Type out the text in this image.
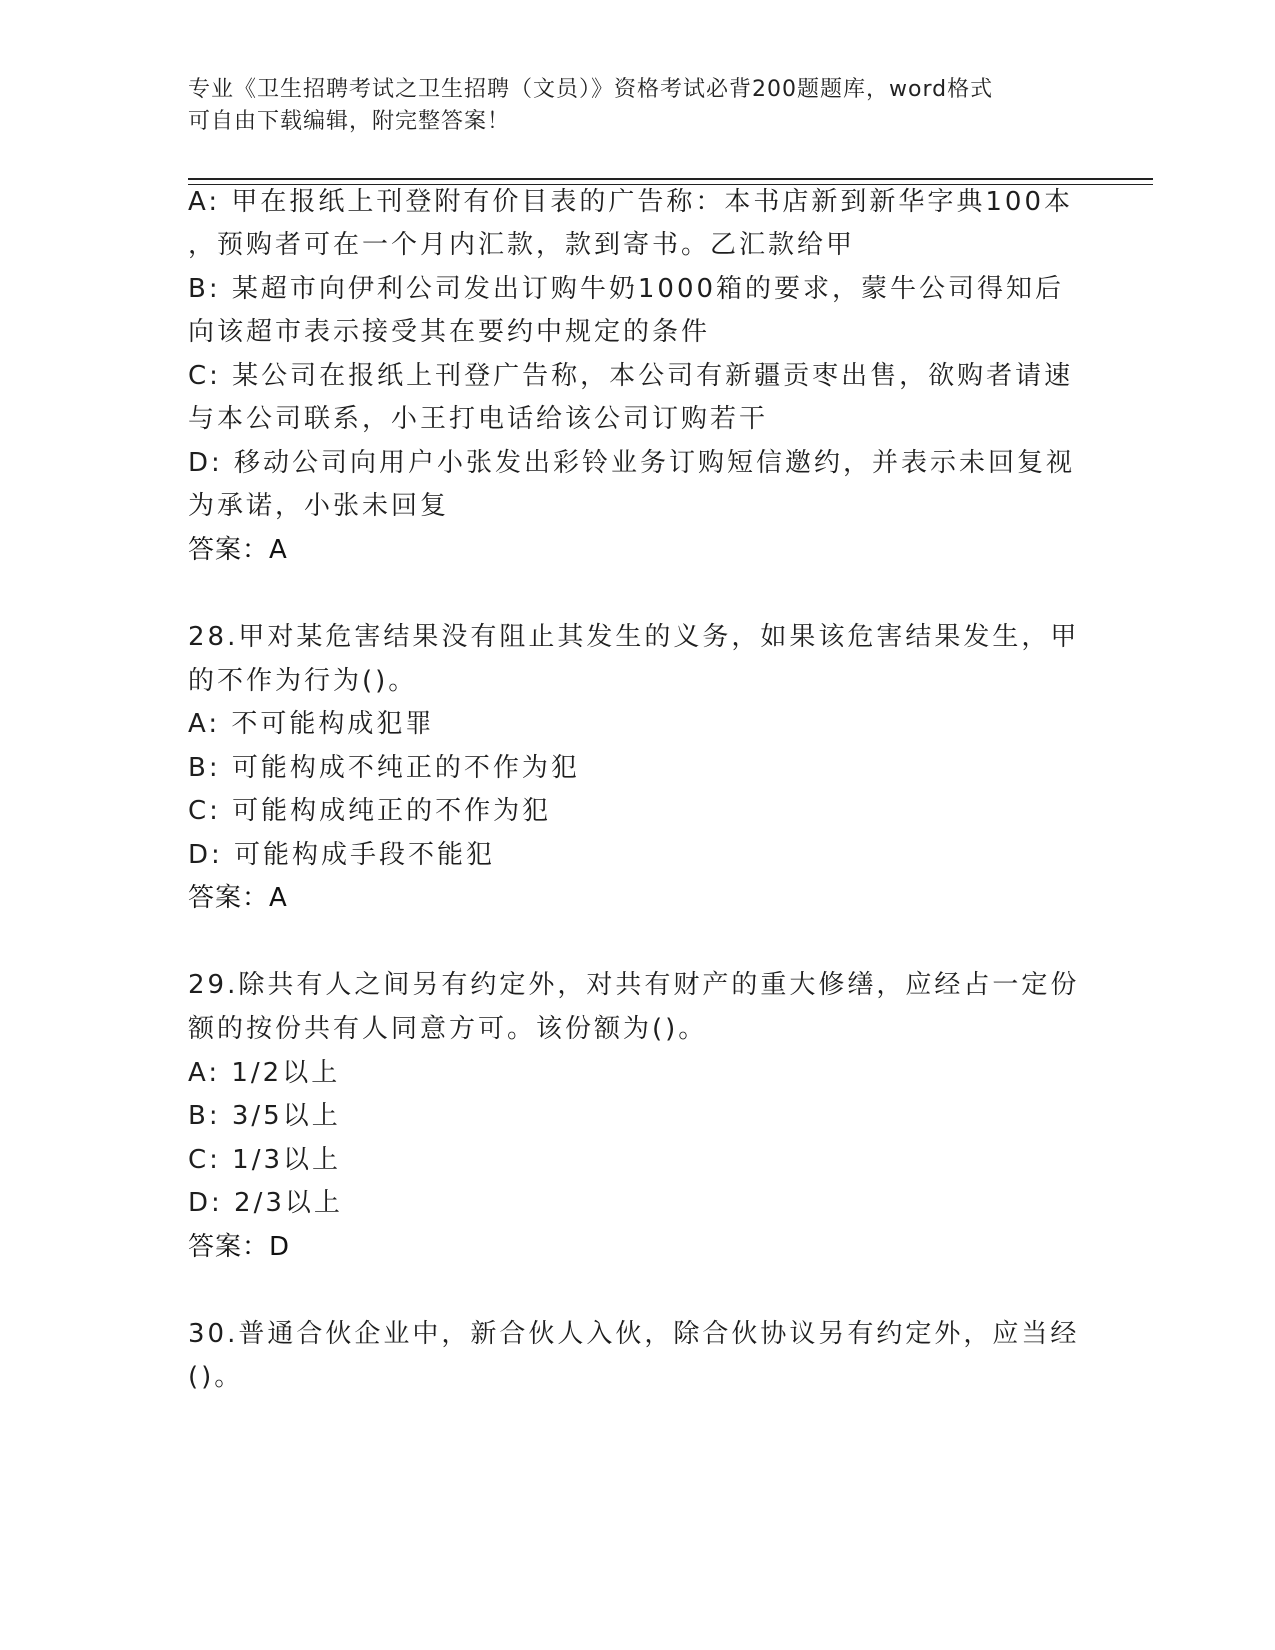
专业《卫生招聘考试之卫生招聘（文员）》资格考试必背200题题库，word格式
可自由下载编辑，附完整答案！
A: 甲在报纸上刊登附有价目表的广告称：本书店新到新华字典100本
，预购者可在一个月内汇款，款到寄书。乙汇款给甲
B: 某超市向伊利公司发出订购牛奶1000箱的要求，蒙牛公司得知后
向该超市表示接受其在要约中规定的条件
C: 某公司在报纸上刊登广告称，本公司有新疆贡枣出售，欲购者请速
与本公司联系，小王打电话给该公司订购若干
D: 移动公司向用户小张发出彩铃业务订购短信邀约，并表示未回复视
为承诺，小张未回复
答案：A
28.甲对某危害结果没有阻止其发生的义务，如果该危害结果发生，甲
的不作为行为()。
A: 不可能构成犯罪
B: 可能构成不纯正的不作为犯
C: 可能构成纯正的不作为犯
D: 可能构成手段不能犯
答案：A
29.除共有人之间另有约定外，对共有财产的重大修缮，应经占一定份
额的按份共有人同意方可。该份额为()。
A: 1/2以上
B: 3/5以上
C: 1/3以上
D: 2/3以上
答案：D
30.普通合伙企业中，新合伙人入伙，除合伙协议另有约定外，应当经
()。
